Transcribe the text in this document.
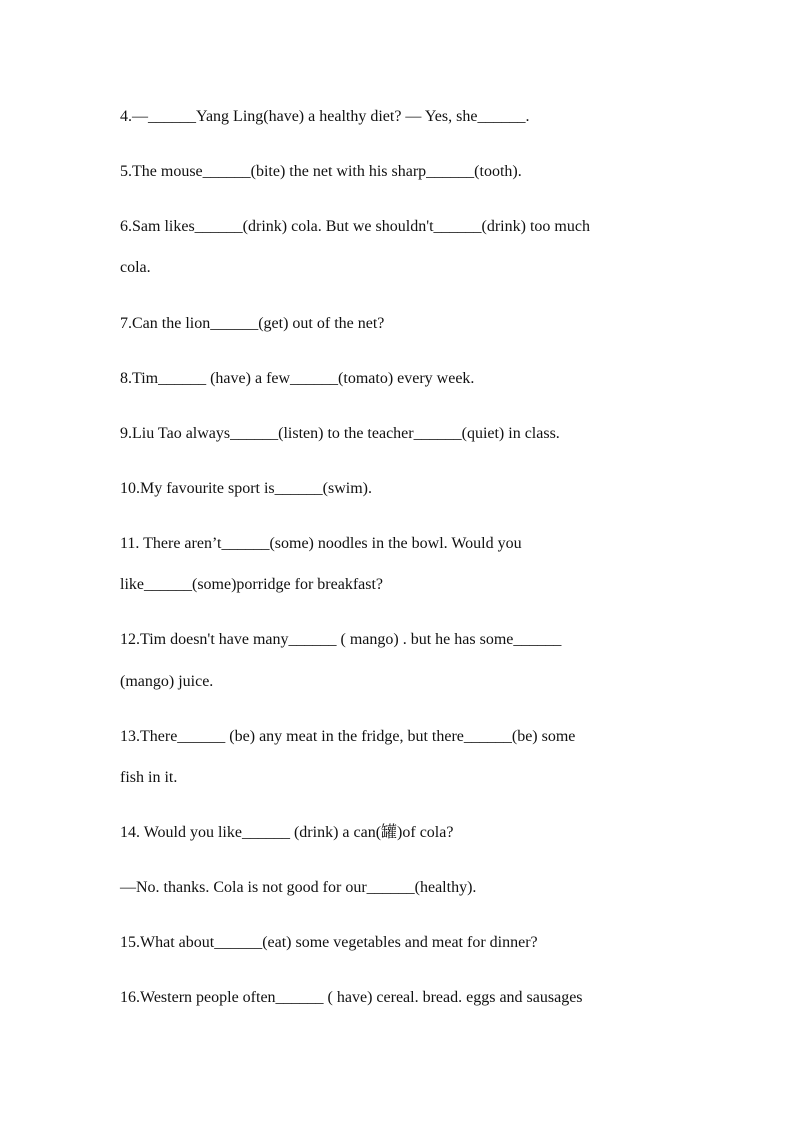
4.—______Yang Ling(have) a healthy diet? — Yes, she______.
5.The mouse______(bite) the net with his sharp______(tooth).
6.Sam likes______(drink) cola. But we shouldn't______(drink) too much
cola.
7.Can the lion______(get) out of the net?
8.Tim______ (have) a few______(tomato) every week.
9.Liu Tao always______(listen) to the teacher______(quiet) in class.
10.My favourite sport is______(swim).
11. There aren’t______(some) noodles in the bowl. Would you
like______(some)porridge for breakfast?
12.Tim doesn't have many______ ( mango) . but he has some______
(mango) juice.
13.There______ (be) any meat in the fridge, but there______(be) some
fish in it.
14. Would you like______ (drink) a can(罐)of cola?
—No. thanks. Cola is not good for our______(healthy).
15.What about______(eat) some vegetables and meat for dinner?
16.Western people often______ ( have) cereal. bread. eggs and sausages
